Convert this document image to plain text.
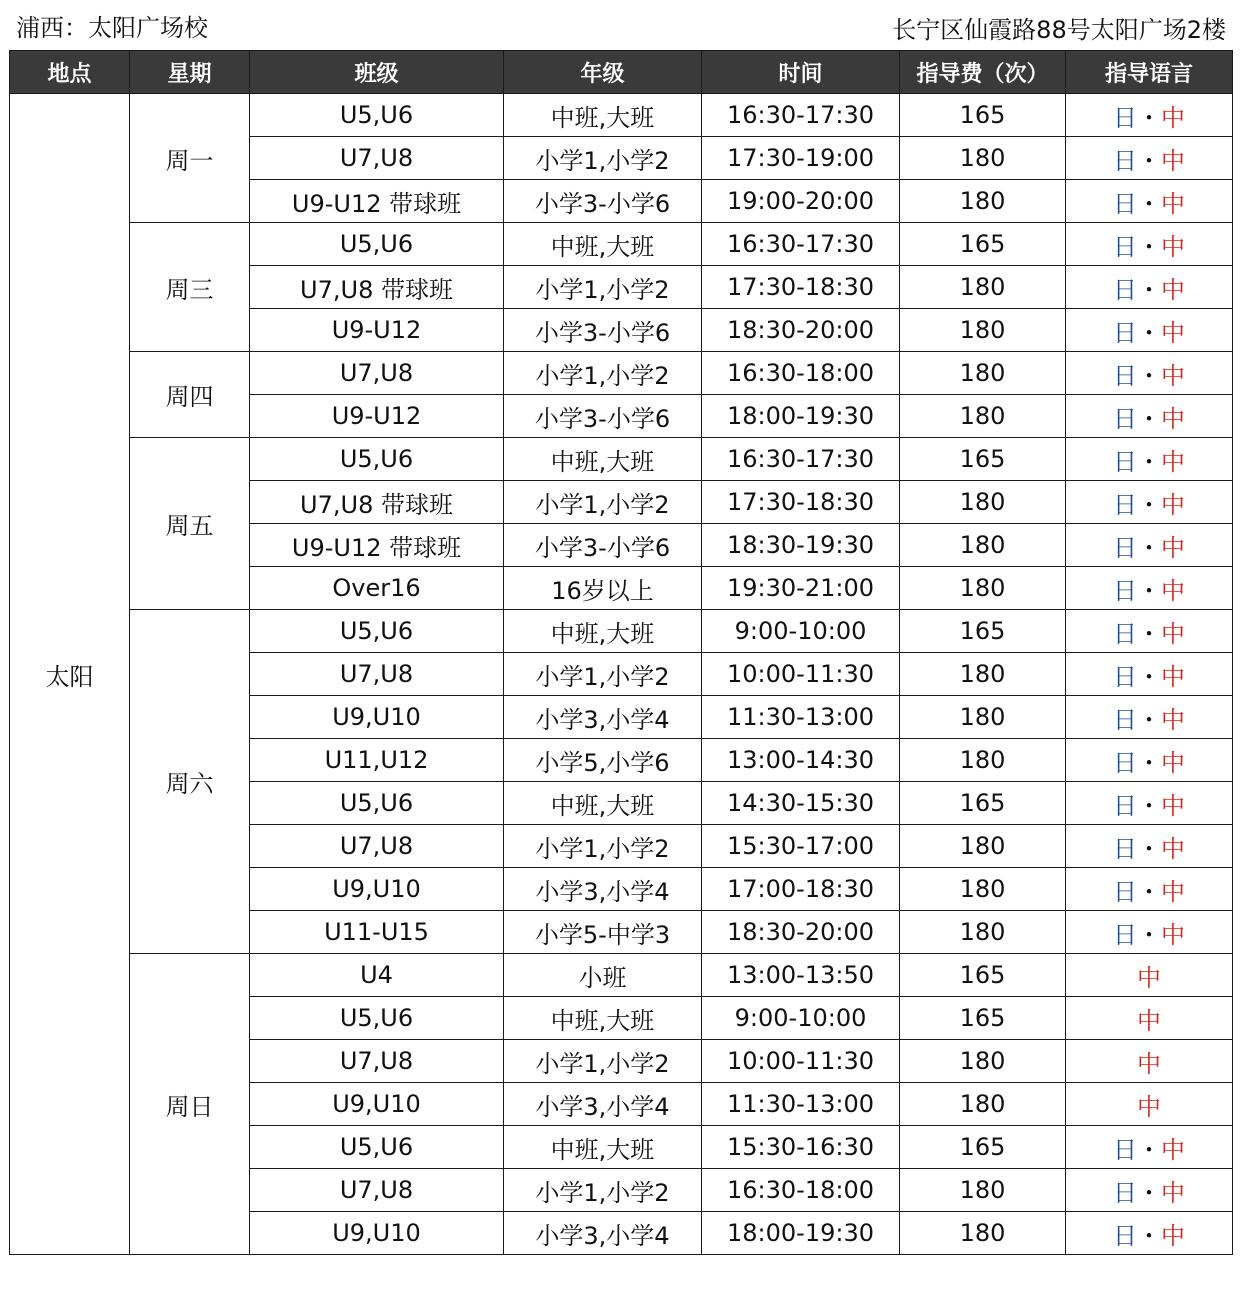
浦西：太阳广场校	长宁区仙霞路88号太阳广场2楼
地点	星期	班级	年级	时间	指导费（次）	指导语言
太阳	周一	U5,U6	中班,大班	16:30-17:30	165	日・中
		U7,U8	小学1,小学2	17:30-19:00	180	日・中
		U9-U12 带球班	小学3-小学6	19:00-20:00	180	日・中
	周三	U5,U6	中班,大班	16:30-17:30	165	日・中
		U7,U8 带球班	小学1,小学2	17:30-18:30	180	日・中
		U9-U12	小学3-小学6	18:30-20:00	180	日・中
	周四	U7,U8	小学1,小学2	16:30-18:00	180	日・中
		U9-U12	小学3-小学6	18:00-19:30	180	日・中
	周五	U5,U6	中班,大班	16:30-17:30	165	日・中
		U7,U8 带球班	小学1,小学2	17:30-18:30	180	日・中
		U9-U12 带球班	小学3-小学6	18:30-19:30	180	日・中
		Over16	16岁以上	19:30-21:00	180	日・中
	周六	U5,U6	中班,大班	9:00-10:00	165	日・中
		U7,U8	小学1,小学2	10:00-11:30	180	日・中
		U9,U10	小学3,小学4	11:30-13:00	180	日・中
		U11,U12	小学5,小学6	13:00-14:30	180	日・中
		U5,U6	中班,大班	14:30-15:30	165	日・中
		U7,U8	小学1,小学2	15:30-17:00	180	日・中
		U9,U10	小学3,小学4	17:00-18:30	180	日・中
		U11-U15	小学5-中学3	18:30-20:00	180	日・中
	周日	U4	小班	13:00-13:50	165	中
		U5,U6	中班,大班	9:00-10:00	165	中
		U7,U8	小学1,小学2	10:00-11:30	180	中
		U9,U10	小学3,小学4	11:30-13:00	180	中
		U5,U6	中班,大班	15:30-16:30	165	日・中
		U7,U8	小学1,小学2	16:30-18:00	180	日・中
		U9,U10	小学3,小学4	18:00-19:30	180	日・中
